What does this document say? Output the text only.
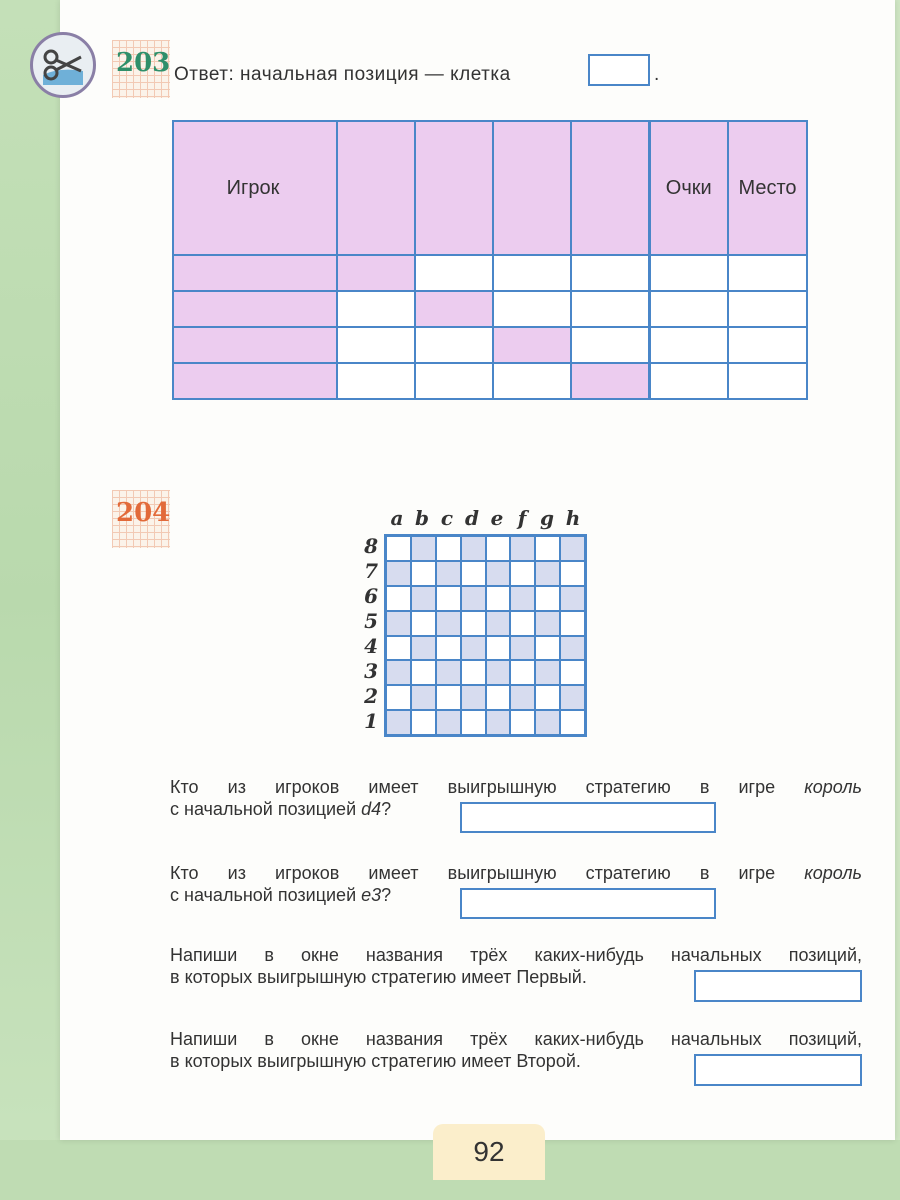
203 Ответ: начальная позиция — клетка	.
Игрок					Очки	Место

204	a b c d e f g h
8
7
6
5
4
3
2
1
Кто из игроков имеет выигрышную стратегию в игре король
с начальной позицией d4?
Кто из игроков имеет выигрышную стратегию в игре король
с начальной позицией e3?
Напиши в окне названия трёх каких-нибудь начальных позиций,
в которых выигрышную стратегию имеет Первый.
Напиши в окне названия трёх каких-нибудь начальных позиций,
в которых выигрышную стратегию имеет Второй.
92
